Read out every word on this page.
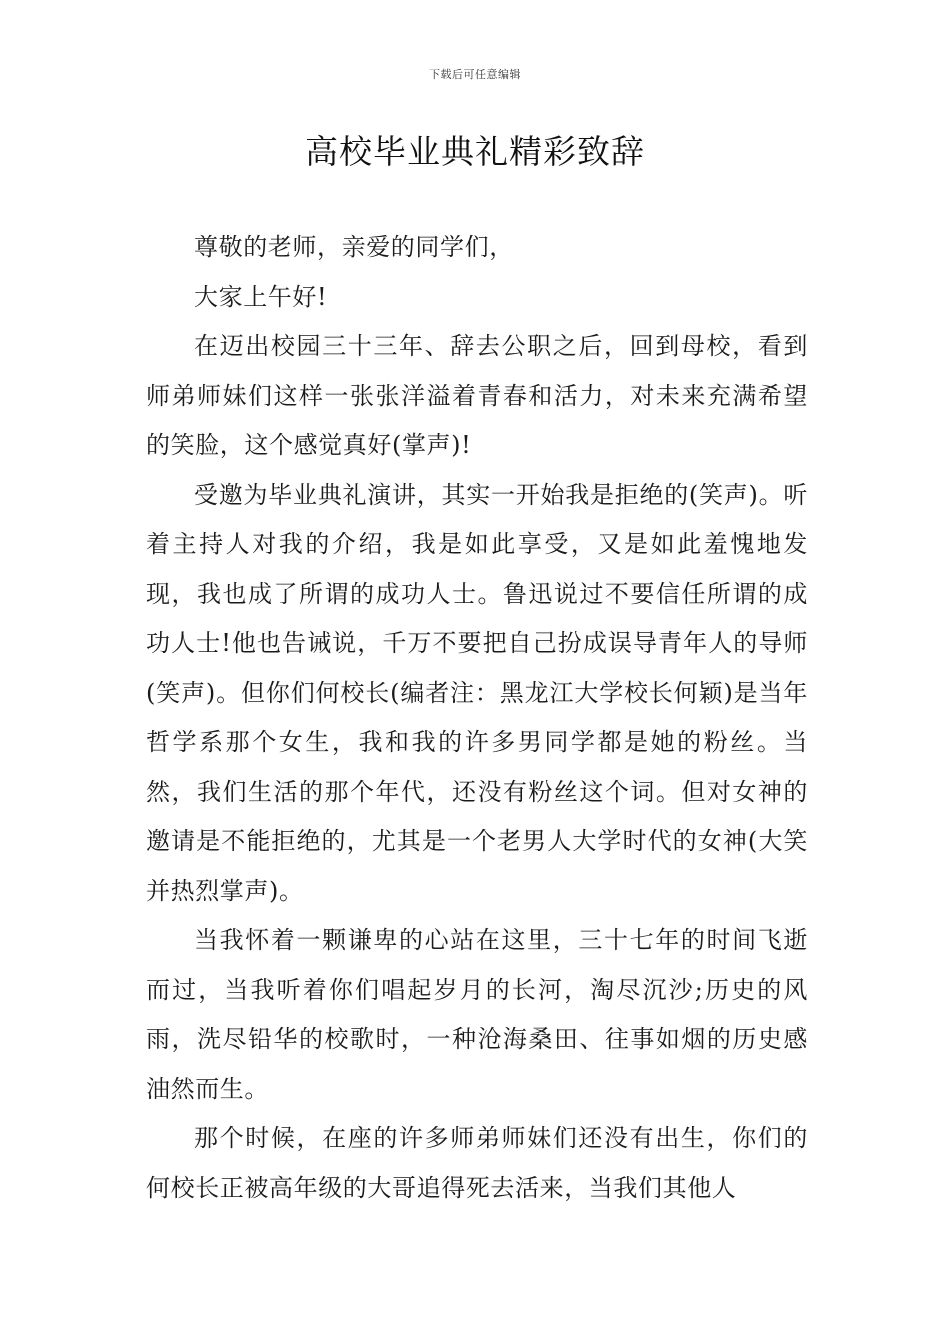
下载后可任意编辑
高校毕业典礼精彩致辞

尊敬的老师，亲爱的同学们，

大家上午好!

在迈出校园三十三年、辞去公职之后，回到母校，看到师弟师妹们这样一张张洋溢着青春和活力，对未来充满希望的笑脸，这个感觉真好(掌声)!

受邀为毕业典礼演讲，其实一开始我是拒绝的(笑声)。听着主持人对我的介绍，我是如此享受，又是如此羞愧地发现，我也成了所谓的成功人士。鲁迅说过不要信任所谓的成功人士!他也告诫说，千万不要把自己扮成误导青年人的导师(笑声)。但你们何校长(编者注：黑龙江大学校长何颖)是当年哲学系那个女生，我和我的许多男同学都是她的粉丝。当然，我们生活的那个年代，还没有粉丝这个词。但对女神的邀请是不能拒绝的，尤其是一个老男人大学时代的女神(大笑并热烈掌声)。

当我怀着一颗谦卑的心站在这里，三十七年的时间飞逝而过，当我听着你们唱起岁月的长河，淘尽沉沙;历史的风雨，洗尽铅华的校歌时，一种沧海桑田、往事如烟的历史感油然而生。

那个时候，在座的许多师弟师妹们还没有出生，你们的何校长正被高年级的大哥追得死去活来，当我们其他人
